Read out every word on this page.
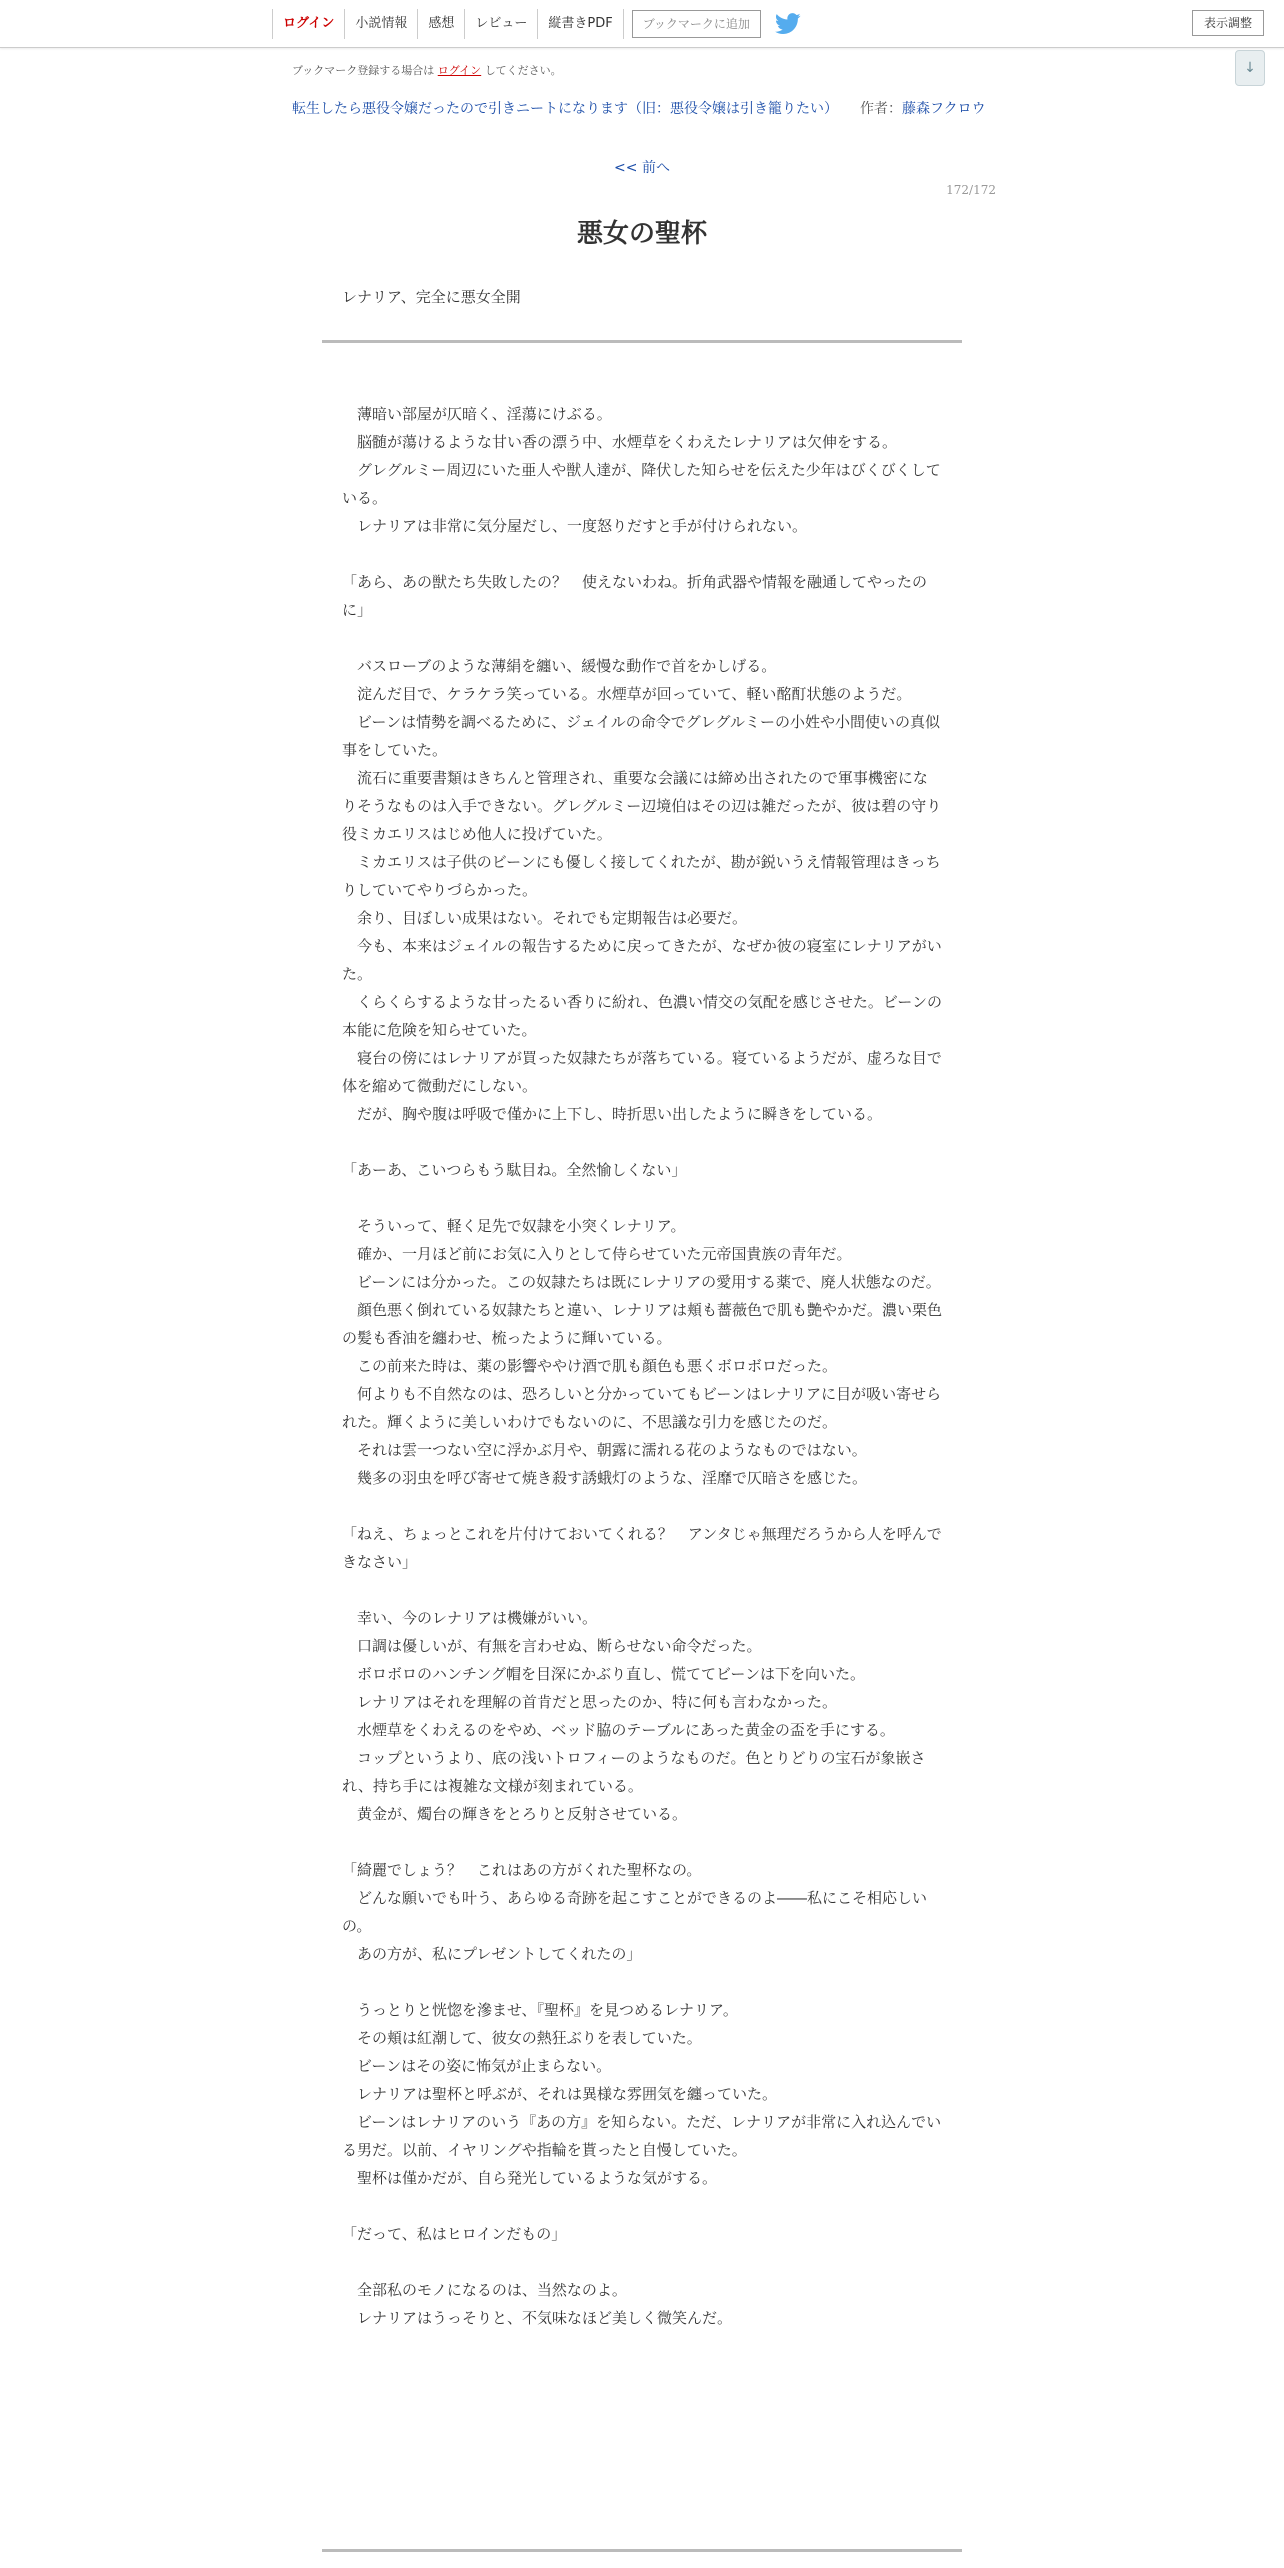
ログイン	小説情報	感想	レビュー	縦書きPDF	ブックマークに追加	表示調整
↓
ブックマーク登録する場合は ログイン してください。
転生したら悪役令嬢だったので引きニートになります（旧：悪役令嬢は引き籠りたい） 作者：藤森フクロウ
<< 前へ
172/172
悪女の聖杯
レナリア、完全に悪女全開

　薄暗い部屋が仄暗く、淫蕩にけぶる。

　脳髄が蕩けるような甘い香の漂う中、水煙草をくわえたレナリアは欠伸をする。

　グレグルミー周辺にいた亜人や獣人達が、降伏した知らせを伝えた少年はびくびくしている。

　レナリアは非常に気分屋だし、一度怒りだすと手が付けられない。

「あら、あの獣たち失敗したの？　使えないわね。折角武器や情報を融通してやったのに」

　バスローブのような薄絹を纏い、緩慢な動作で首をかしげる。

　淀んだ目で、ケラケラ笑っている。水煙草が回っていて、軽い酩酊状態のようだ。

　ビーンは情勢を調べるために、ジェイルの命令でグレグルミーの小姓や小間使いの真似事をしていた。

　流石に重要書類はきちんと管理され、重要な会議には締め出されたので軍事機密になりそうなものは入手できない。グレグルミー辺境伯はその辺は雑だったが、彼は碧の守り役ミカエリスはじめ他人に投げていた。

　ミカエリスは子供のビーンにも優しく接してくれたが、勘が鋭いうえ情報管理はきっちりしていてやりづらかった。

　余り、目ぼしい成果はない。それでも定期報告は必要だ。

　今も、本来はジェイルの報告するために戻ってきたが、なぜか彼の寝室にレナリアがいた。

　くらくらするような甘ったるい香りに紛れ、色濃い情交の気配を感じさせた。ビーンの本能に危険を知らせていた。

　寝台の傍にはレナリアが買った奴隷たちが落ちている。寝ているようだが、虚ろな目で体を縮めて微動だにしない。

　だが、胸や腹は呼吸で僅かに上下し、時折思い出したように瞬きをしている。

「あーあ、こいつらもう駄目ね。全然愉しくない」

　そういって、軽く足先で奴隷を小突くレナリア。

　確か、一月ほど前にお気に入りとして侍らせていた元帝国貴族の青年だ。

　ビーンには分かった。この奴隷たちは既にレナリアの愛用する薬で、廃人状態なのだ。

　顔色悪く倒れている奴隷たちと違い、レナリアは頬も薔薇色で肌も艶やかだ。濃い栗色の髪も香油を纏わせ、梳ったように輝いている。

　この前来た時は、薬の影響ややけ酒で肌も顔色も悪くボロボロだった。

　何よりも不自然なのは、恐ろしいと分かっていてもビーンはレナリアに目が吸い寄せられた。輝くように美しいわけでもないのに、不思議な引力を感じたのだ。

　それは雲一つない空に浮かぶ月や、朝露に濡れる花のようなものではない。

　幾多の羽虫を呼び寄せて焼き殺す誘蛾灯のような、淫靡で仄暗さを感じた。

「ねえ、ちょっとこれを片付けておいてくれる？　アンタじゃ無理だろうから人を呼んできなさい」

　幸い、今のレナリアは機嫌がいい。

　口調は優しいが、有無を言わせぬ、断らせない命令だった。

　ボロボロのハンチング帽を目深にかぶり直し、慌ててビーンは下を向いた。

　レナリアはそれを理解の首肯だと思ったのか、特に何も言わなかった。

　水煙草をくわえるのをやめ、ベッド脇のテーブルにあった黄金の盃を手にする。

　コップというより、底の浅いトロフィーのようなものだ。色とりどりの宝石が象嵌され、持ち手には複雑な文様が刻まれている。

　黄金が、燭台の輝きをとろりと反射させている。

「綺麗でしょう？　これはあの方がくれた聖杯なの。

　どんな願いでも叶う、あらゆる奇跡を起こすことができるのよ――私にこそ相応しいの。

　あの方が、私にプレゼントしてくれたの」

　うっとりと恍惚を滲ませ、『聖杯』を見つめるレナリア。

　その頬は紅潮して、彼女の熱狂ぶりを表していた。

　ビーンはその姿に怖気が止まらない。

　レナリアは聖杯と呼ぶが、それは異様な雰囲気を纏っていた。

　ビーンはレナリアのいう『あの方』を知らない。ただ、レナリアが非常に入れ込んでいる男だ。以前、イヤリングや指輪を貰ったと自慢していた。

　聖杯は僅かだが、自ら発光しているような気がする。

「だって、私はヒロインだもの」

　全部私のモノになるのは、当然なのよ。

　レナリアはうっそりと、不気味なほど美しく微笑んだ。
